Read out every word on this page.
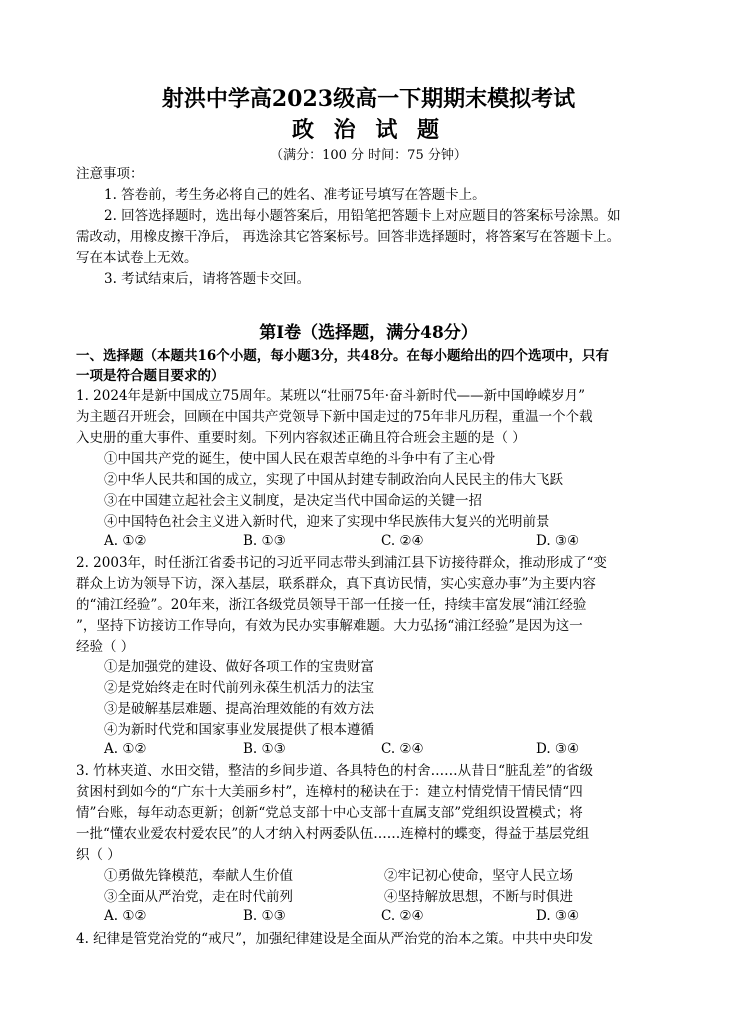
射洪中学高2023级高一下期期末模拟考试
政 治 试 题
（满分：100 分 时间：75 分钟）
注意事项：
1. 答卷前，考生务必将自己的姓名、准考证号填写在答题卡上。
2. 回答选择题时，选出每小题答案后，用铅笔把答题卡上对应题目的答案标号涂黑。如
需改动，用橡皮擦干净后， 再选涂其它答案标号。回答非选择题时，将答案写在答题卡上。
写在本试卷上无效。
3. 考试结束后，请将答题卡交回。
第Ⅰ卷（选择题，满分48分）
一、选择题（本题共16个小题，每小题3分，共48分。在每小题给出的四个选项中，只有
一项是符合题目要求的）
1. 2024年是新中国成立75周年。某班以“壮丽75年·奋斗新时代——新中国峥嵘岁月”
为主题召开班会，回顾在中国共产党领导下新中国走过的75年非凡历程，重温一个个载
入史册的重大事件、重要时刻。下列内容叙述正确且符合班会主题的是（ ）
①中国共产党的诞生，使中国人民在艰苦卓绝的斗争中有了主心骨
②中华人民共和国的成立，实现了中国从封建专制政治向人民民主的伟大飞跃
③在中国建立起社会主义制度，是决定当代中国命运的关键一招
④中国特色社会主义进入新时代，迎来了实现中华民族伟大复兴的光明前景
A. ①②	B. ①③	C. ②④	D. ③④
2. 2003年，时任浙江省委书记的习近平同志带头到浦江县下访接待群众，推动形成了“变
群众上访为领导下访，深入基层，联系群众，真下真访民情，实心实意办事”为主要内容
的“浦江经验”。20年来，浙江各级党员领导干部一任接一任，持续丰富发展“浦江经验
”，坚持下访接访工作导向，有效为民办实事解难题。大力弘扬“浦江经验”是因为这一
经验（ ）
①是加强党的建设、做好各项工作的宝贵财富
②是党始终走在时代前列永葆生机活力的法宝
③是破解基层难题、提高治理效能的有效方法
④为新时代党和国家事业发展提供了根本遵循
A. ①②	B. ①③	C. ②④	D. ③④
3. 竹林夹道、水田交错，整洁的乡间步道、各具特色的村舍……从昔日“脏乱差”的省级
贫困村到如今的“广东十大美丽乡村”，连樟村的秘诀在于：建立村情党情干情民情“四
情”台账，每年动态更新；创新“党总支部十中心支部十直属支部”党组织设置模式；将
一批“懂农业爱农村爱农民”的人才纳入村两委队伍……连樟村的蝶变，得益于基层党组
织（ ）
①勇做先锋模范，奉献人生价值	②牢记初心使命，坚守人民立场
③全面从严治党，走在时代前列	④坚持解放思想，不断与时俱进
A. ①②	B. ①③	C. ②④	D. ③④
4. 纪律是管党治党的“戒尺”，加强纪律建设是全面从严治党的治本之策。中共中央印发
